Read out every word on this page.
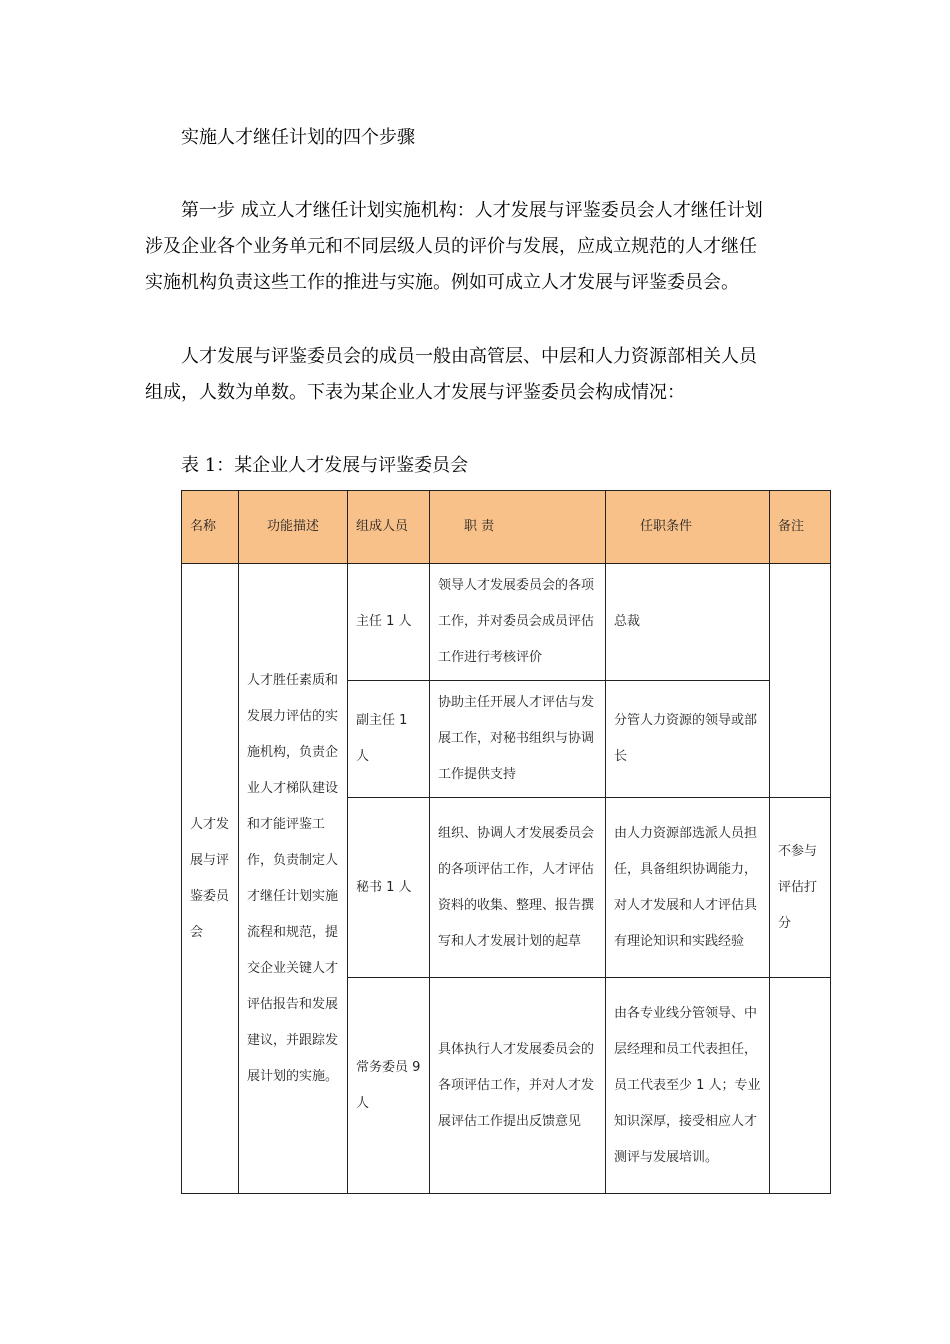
实施人才继任计划的四个步骤
第一步 成立人才继任计划实施机构：人才发展与评鉴委员会人才继任计划
涉及企业各个业务单元和不同层级人员的评价与发展，应成立规范的人才继任
实施机构负责这些工作的推进与实施。例如可成立人才发展与评鉴委员会。
人才发展与评鉴委员会的成员一般由高管层、中层和人力资源部相关人员
组成，人数为单数。下表为某企业人才发展与评鉴委员会构成情况：
表 1：某企业人才发展与评鉴委员会
名称	功能描述	组成人员	职 责	任职条件	备注
人才发展与评鉴委员会	人才胜任素质和发展力评估的实施机构，负责企业人才梯队建设和才能评鉴工作，负责制定人才继任计划实施流程和规范，提交企业关键人才评估报告和发展建议，并跟踪发展计划的实施。	主任 1 人	领导人才发展委员会的各项工作，并对委员会成员评估工作进行考核评价	总裁	
		副主任 1 人	协助主任开展人才评估与发展工作，对秘书组织与协调工作提供支持	分管人力资源的领导或部长	
		秘书 1 人	组织、协调人才发展委员会的各项评估工作，人才评估资料的收集、整理、报告撰写和人才发展计划的起草	由人力资源部选派人员担任，具备组织协调能力，对人才发展和人才评估具有理论知识和实践经验	不参与评估打分
		常务委员 9 人	具体执行人才发展委员会的各项评估工作，并对人才发展评估工作提出反馈意见	由各专业线分管领导、中层经理和员工代表担任，员工代表至少 1 人；专业知识深厚，接受相应人才测评与发展培训。	
